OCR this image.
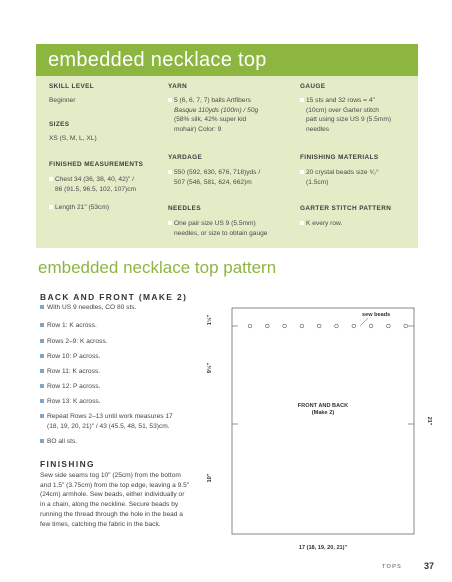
embedded necklace top
SKILL LEVEL
Beginner
SIZES
XS (S, M, L, XL)
FINISHED MEASUREMENTS
Chest 34 (36, 38, 40, 42)" /
86 (91.5, 96.5, 102, 107)cm
Length 21" (53cm)
YARN
5 (6, 6, 7, 7) balls Artfibers
Basque 110yds (100m) / 50g
(58% silk, 42% super kid
mohair) Color: 9
YARDAGE
550 (592, 630, 676, 718)yds /
507 (546, 581, 624, 662)m
NEEDLES
One pair size US 9 (5.5mm)
needles, or size to obtain gauge
GAUGE
15 sts and 32 rows = 4"
(10cm) over Garter stitch
patt using size US 9 (5.5mm)
needles
FINISHING MATERIALS
20 crystal beads size ⁶⁄₀°
(1.5cm)
GARTER STITCH PATTERN
K every row.
embedded necklace top pattern
BACK AND FRONT (MAKE 2)
With US 9 needles, CO 80 sts.
Row 1: K across.
Rows 2–9: K across.
Row 10: P across.
Row 11: K across.
Row 12: P across.
Row 13: K across.
Repeat Rows 2–13 until work measures 17
(18, 19, 20, 21)" / 43 (45.5, 48, 51, 53)cm.
BO all sts.
FINISHING
Sew side seams tog 10" (25cm) from the bottom and 1.5" (3.75cm) from the top edge, leaving a 9.5" (24cm) armhole. Sew beads, either individually or in a chain, along the neckline. Secure beads by running the thread through the hole in the bead a few times, catching the fabric in the back.
sew beads
FRONT AND BACK
(Make 2)
1½"
9½"
10"
21"
17 (18, 19, 20, 21)"
TOPS 37
